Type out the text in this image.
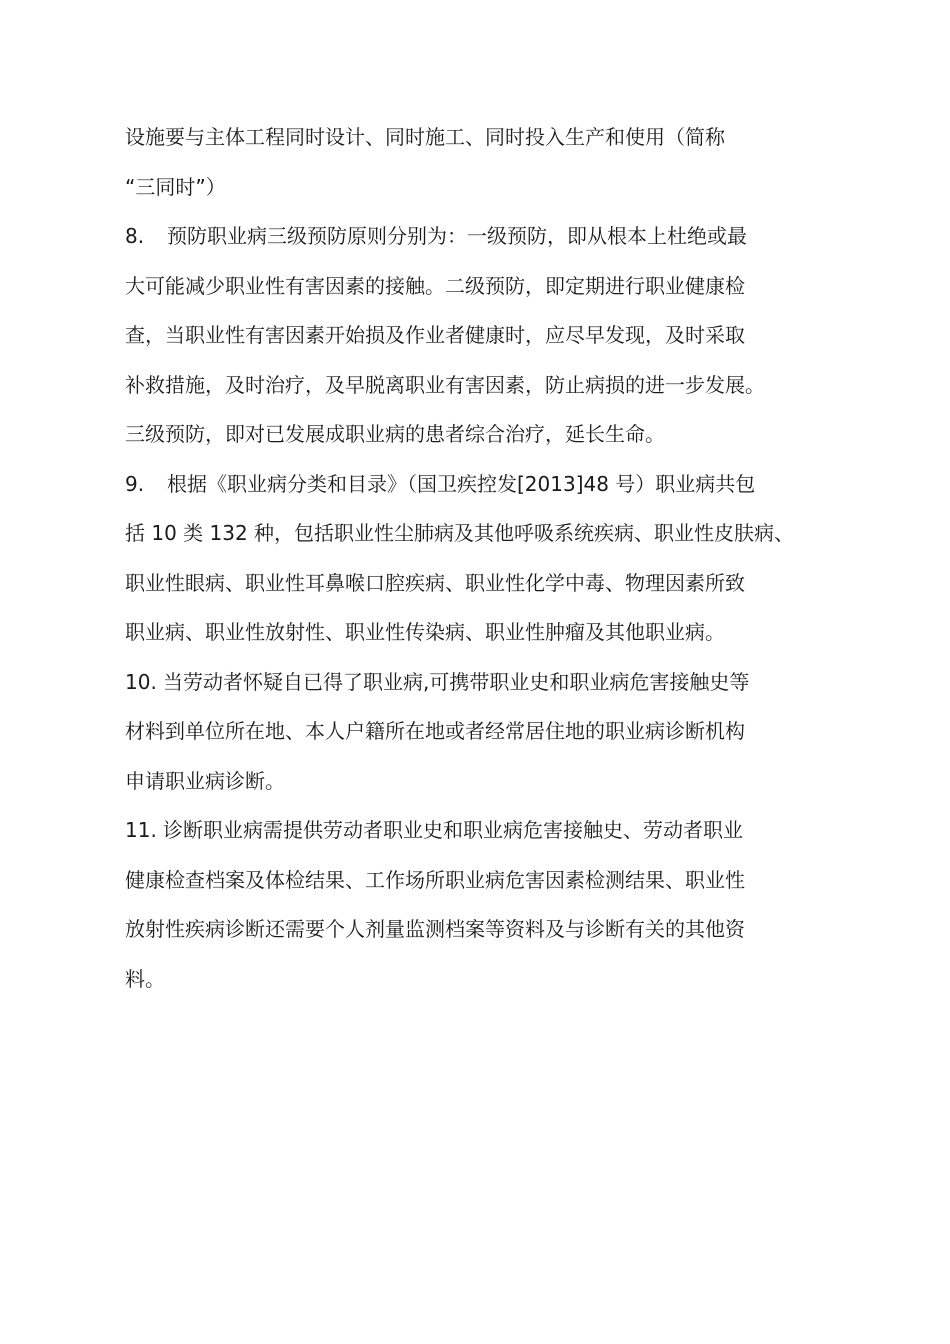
设施要与主体工程同时设计、同时施工、同时投入生产和使用（简称
“三同时”）
8. 预防职业病三级预防原则分别为：一级预防，即从根本上杜绝或最
大可能减少职业性有害因素的接触。二级预防，即定期进行职业健康检
查，当职业性有害因素开始损及作业者健康时，应尽早发现，及时采取
补救措施，及时治疗，及早脱离职业有害因素，防止病损的进一步发展。
三级预防，即对已发展成职业病的患者综合治疗，延长生命。
9. 根据《职业病分类和目录》（国卫疾控发[2013]48 号）职业病共包
括 10 类 132 种，包括职业性尘肺病及其他呼吸系统疾病、职业性皮肤病、
职业性眼病、职业性耳鼻喉口腔疾病、职业性化学中毒、物理因素所致
职业病、职业性放射性、职业性传染病、职业性肿瘤及其他职业病。
10. 当劳动者怀疑自已得了职业病,可携带职业史和职业病危害接触史等
材料到单位所在地、本人户籍所在地或者经常居住地的职业病诊断机构
申请职业病诊断。
11. 诊断职业病需提供劳动者职业史和职业病危害接触史、劳动者职业
健康检查档案及体检结果、工作场所职业病危害因素检测结果、职业性
放射性疾病诊断还需要个人剂量监测档案等资料及与诊断有关的其他资
料。
